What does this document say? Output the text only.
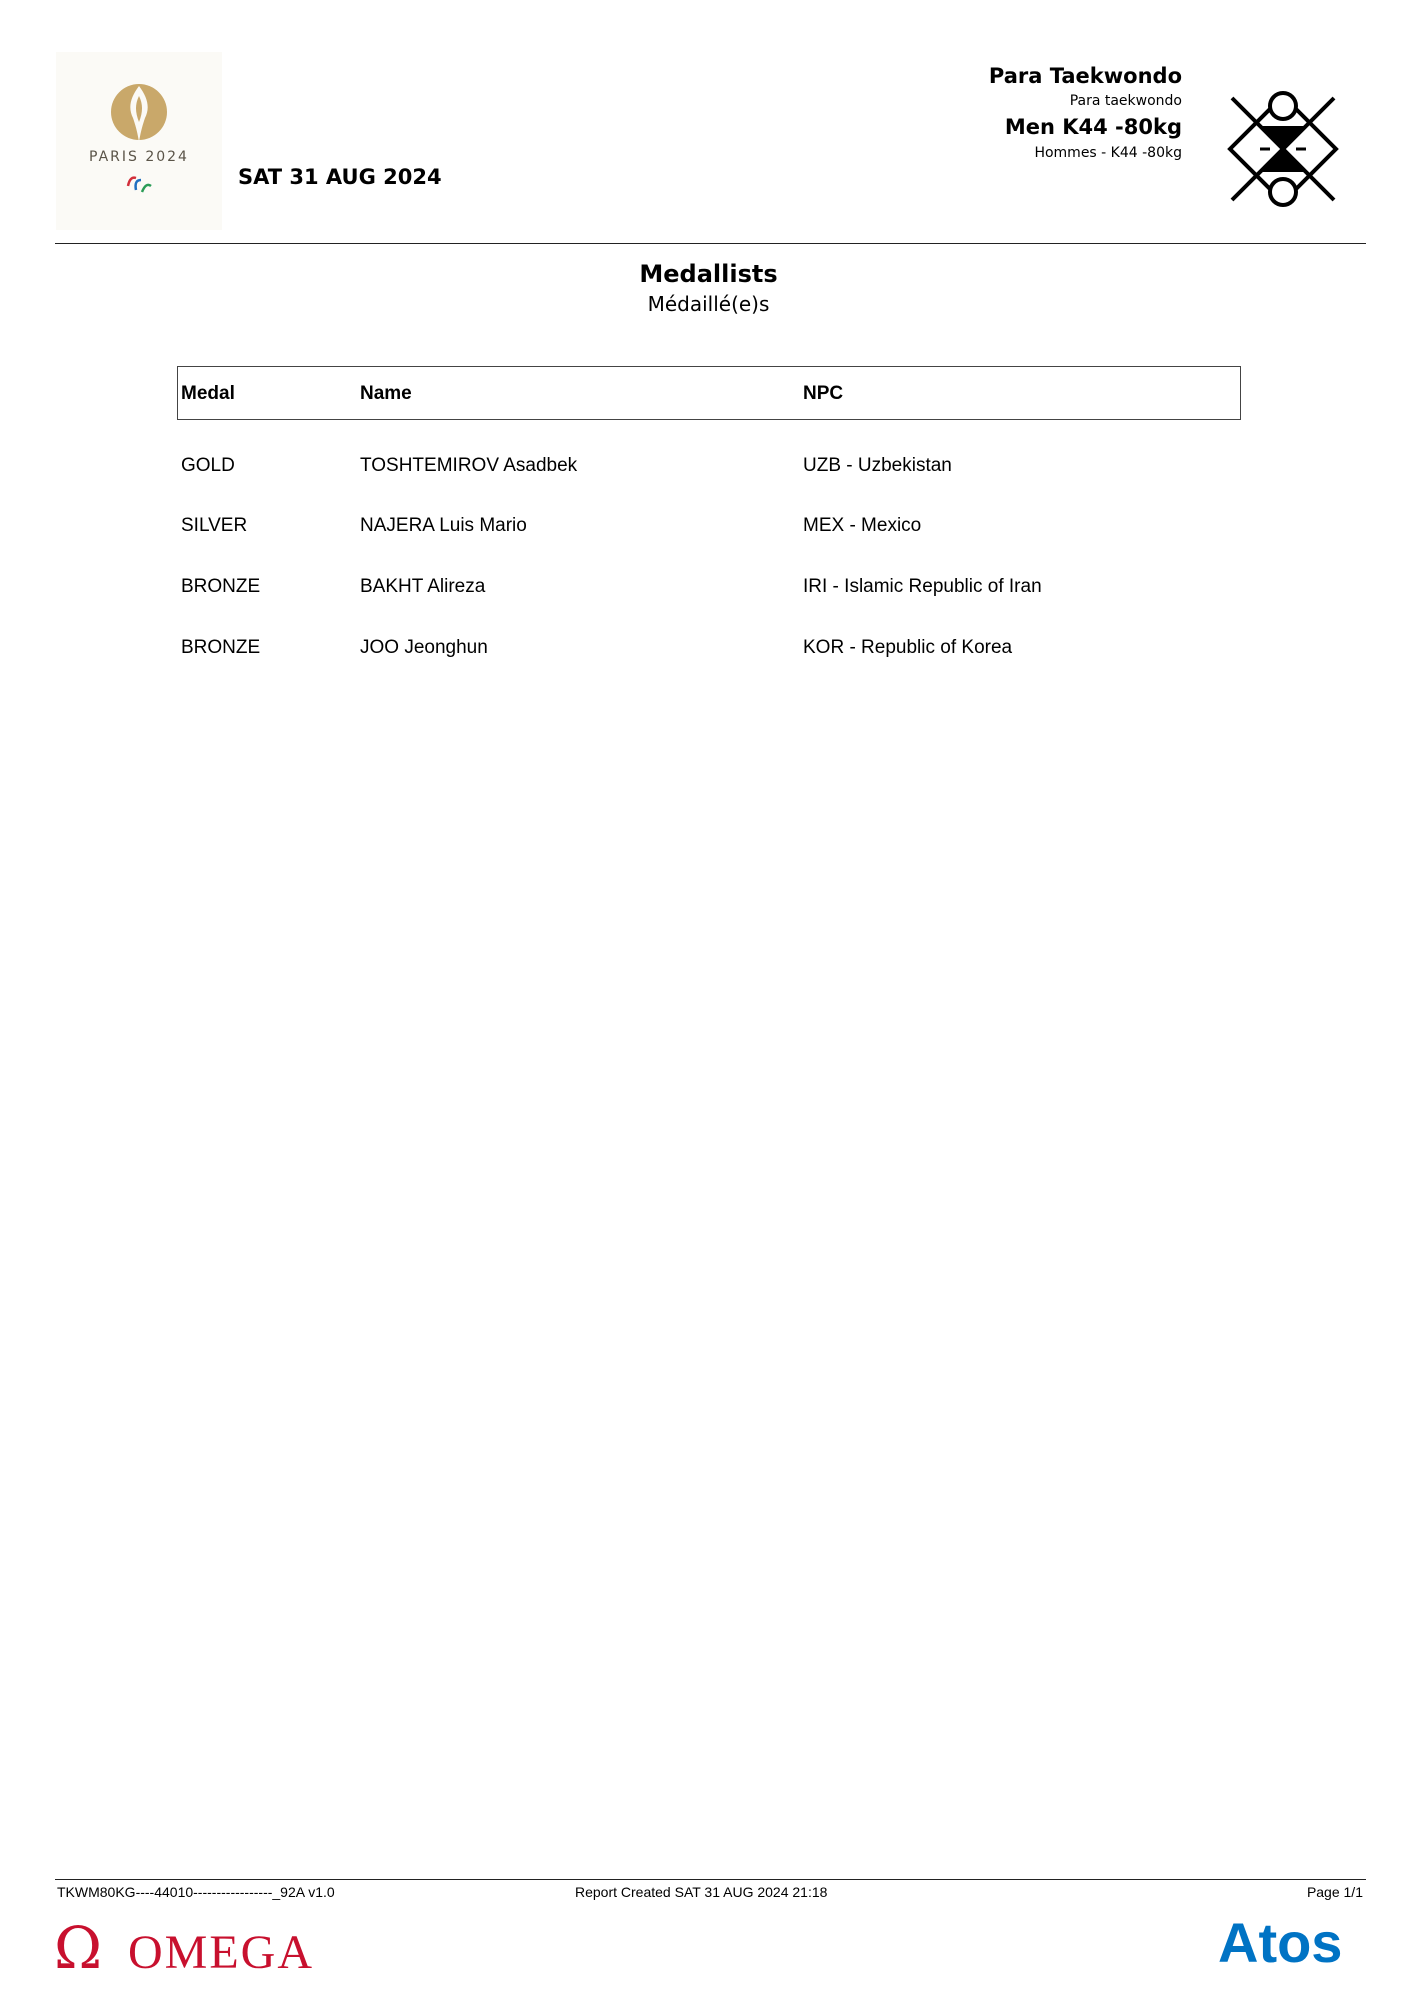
PARIS 2024
SAT 31 AUG 2024
Para Taekwondo
Para taekwondo
Men K44 -80kg
Hommes - K44 -80kg
Medallists
Médaillé(e)s
Medal	Name	NPC
GOLD	TOSHTEMIROV Asadbek	UZB - Uzbekistan
SILVER	NAJERA Luis Mario	MEX - Mexico
BRONZE	BAKHT Alireza	IRI - Islamic Republic of Iran
BRONZE	JOO Jeonghun	KOR - Republic of Korea
TKWM80KG----44010-----------------_92A v1.0	Report Created SAT 31 AUG 2024 21:18	Page 1/1
Ω OMEGA	Atos
